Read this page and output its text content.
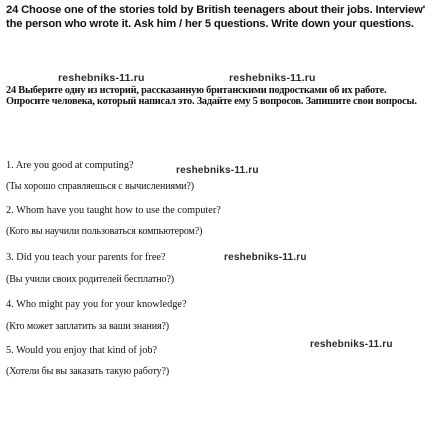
24 Choose one of the stories told by British teenagers about their jobs. Interview' the person who wrote it. Ask him / her 5 questions. Write down your questions.
reshebniks-11.ru	reshebniks-11.ru
24 Выберите одну из историй, рассказанную британскими подростками об их работе. Опросите человека, который написал это. Задайте ему 5 вопросов. Запишите свои вопросы.
1. Are you good at computing?
(Ты хорошо справляешься с вычислениями?)
2. Whom have you taught how to use the computer?
(Кого вы научили пользоваться компьютером?)
3. Did you teach your parents for free?
(Вы учили своих родителей бесплатно?)
4. Who might pay you for your knowledge?
(Кто может заплатить за ваши знания?)
5. Would you enjoy that kind of job?
(Хотели бы вы заказать такую работу?)
reshebniks-11.ru
reshebniks-11.ru
reshebniks-11.ru
